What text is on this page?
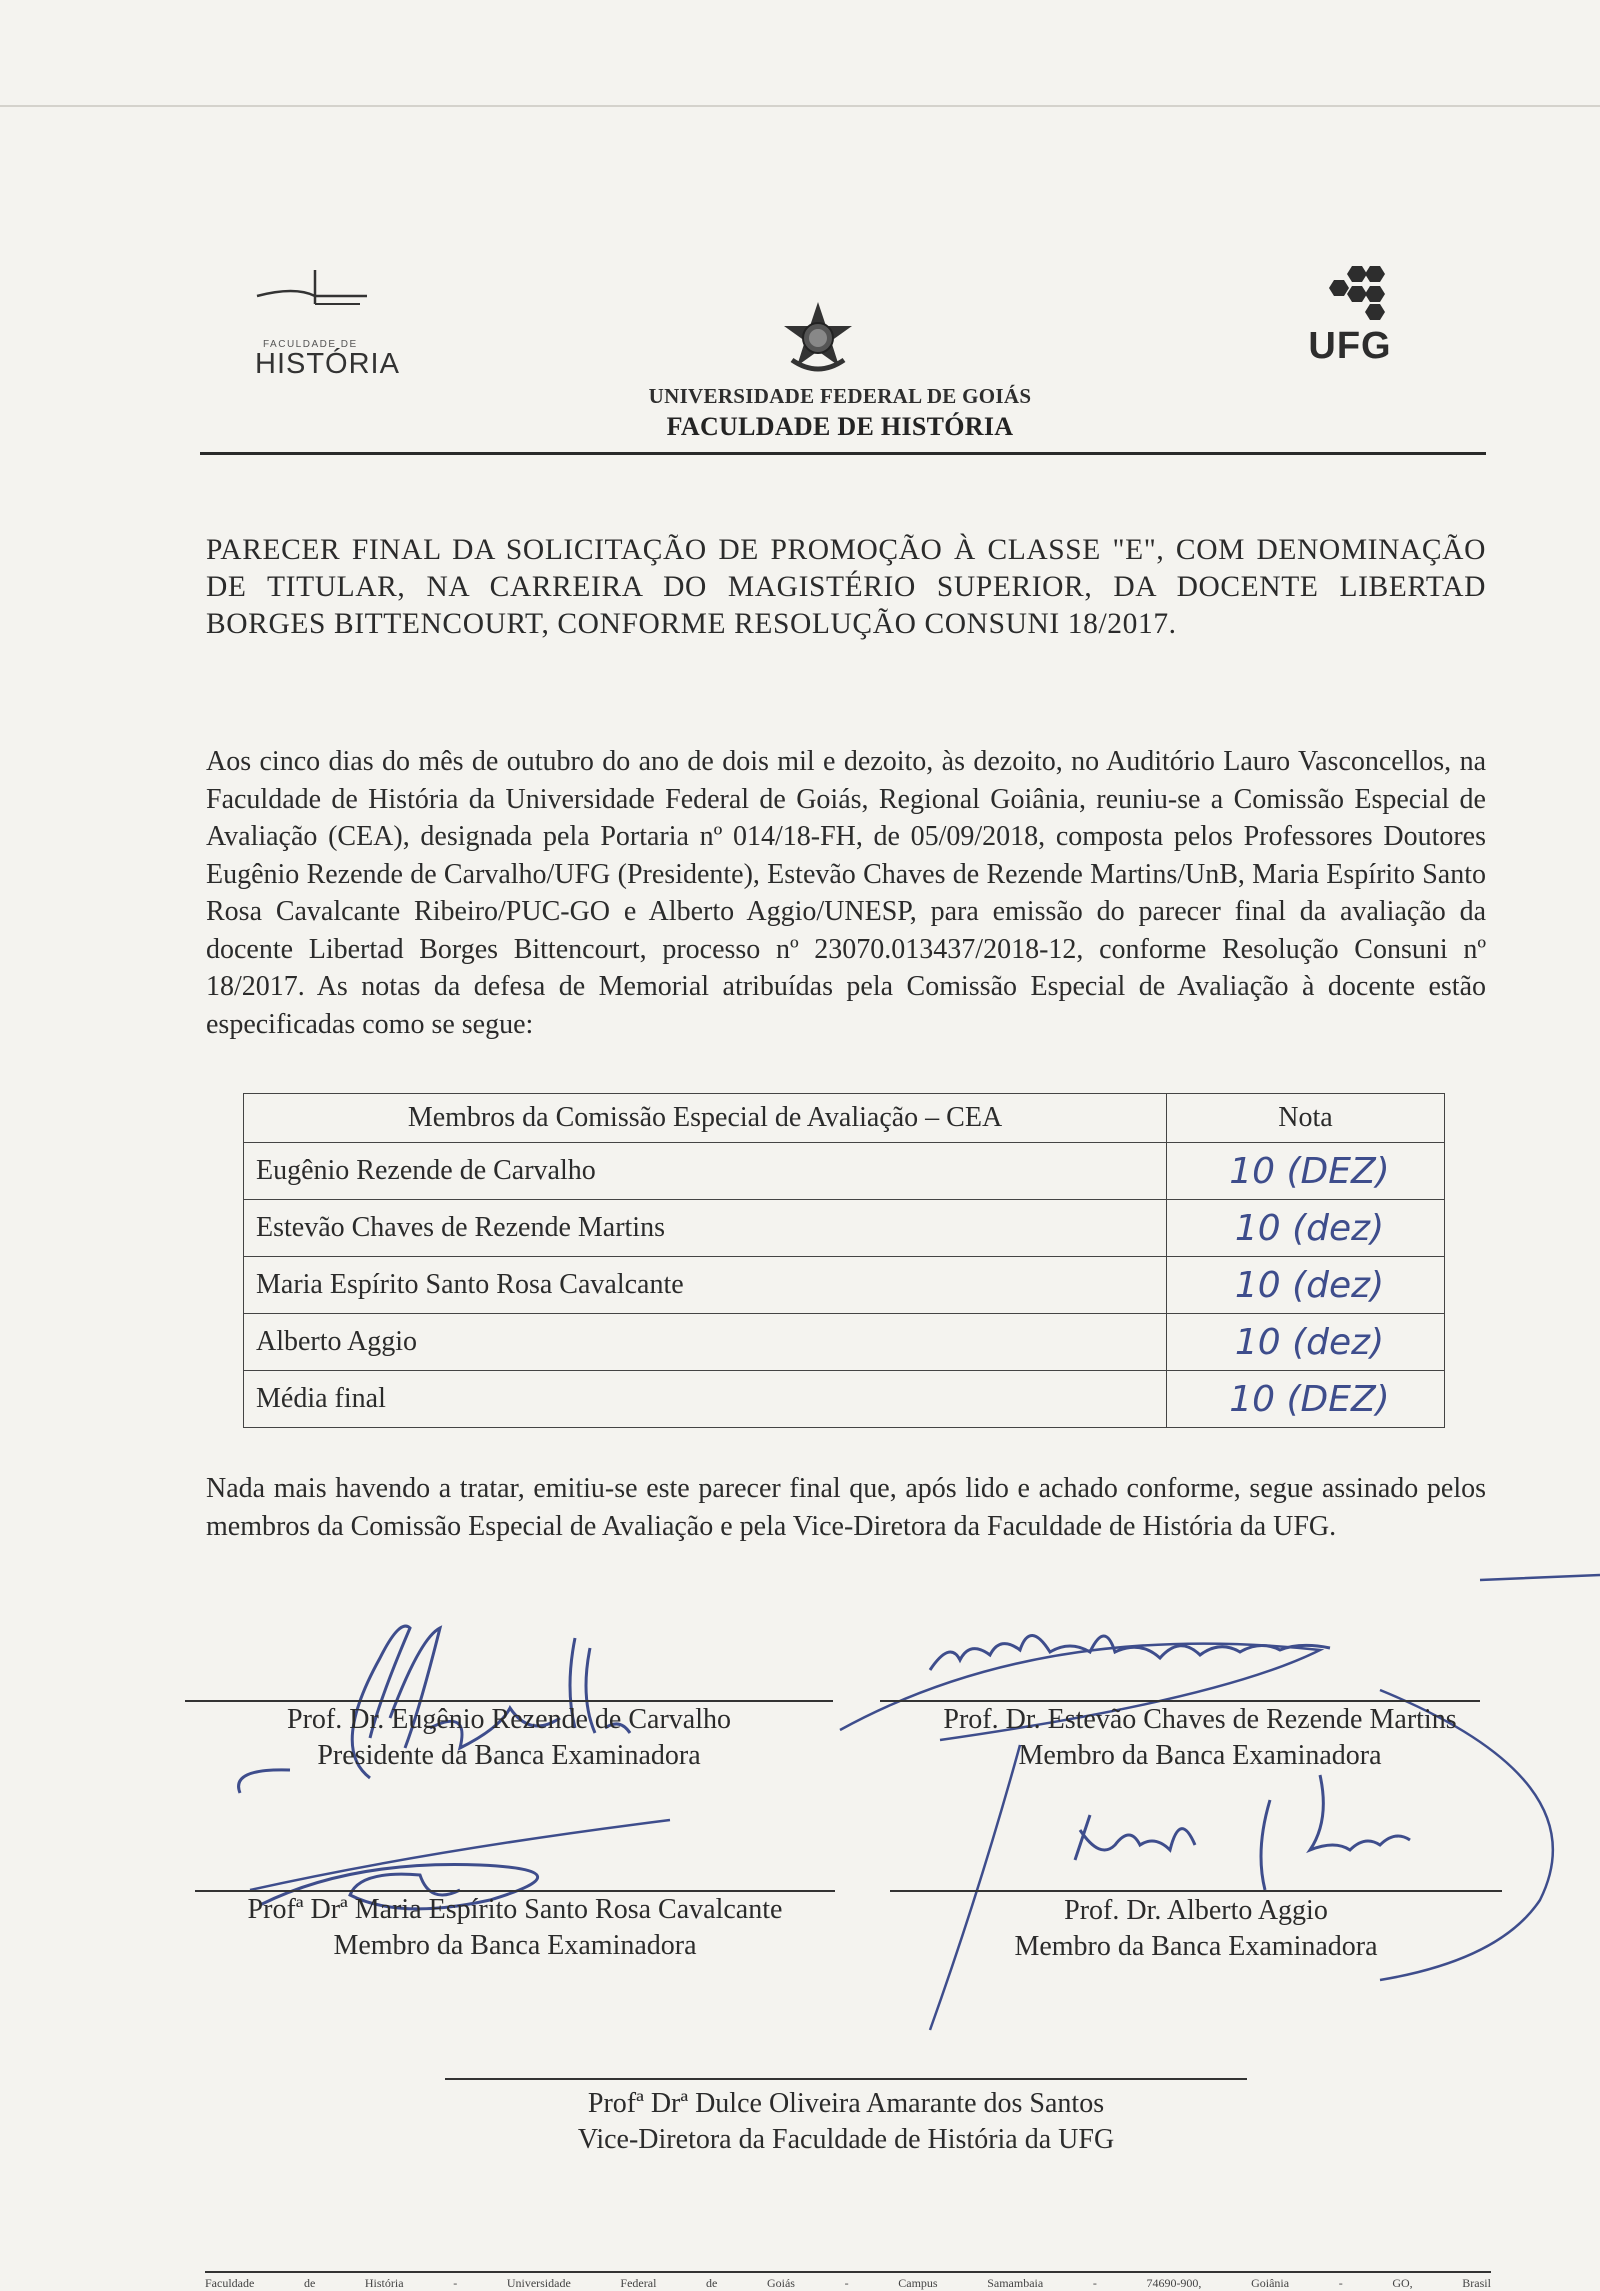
FACULDADE DE
HISTÓRIA	UFG
UNIVERSIDADE FEDERAL DE GOIÁS
FACULDADE DE HISTÓRIA
PARECER FINAL DA SOLICITAÇÃO DE PROMOÇÃO À CLASSE "E", COM DENOMINAÇÃO DE TITULAR, NA CARREIRA DO MAGISTÉRIO SUPERIOR, DA DOCENTE LIBERTAD BORGES BITTENCOURT, CONFORME RESOLUÇÃO CONSUNI 18/2017.
Aos cinco dias do mês de outubro do ano de dois mil e dezoito, às dezoito, no Auditório Lauro Vasconcellos, na Faculdade de História da Universidade Federal de Goiás, Regional Goiânia, reuniu-se a Comissão Especial de Avaliação (CEA), designada pela Portaria nº 014/18-FH, de 05/09/2018, composta pelos Professores Doutores Eugênio Rezende de Carvalho/UFG (Presidente), Estevão Chaves de Rezende Martins/UnB, Maria Espírito Santo Rosa Cavalcante Ribeiro/PUC-GO e Alberto Aggio/UNESP, para emissão do parecer final da avaliação da docente Libertad Borges Bittencourt, processo nº 23070.013437/2018-12, conforme Resolução Consuni nº 18/2017. As notas da defesa de Memorial atribuídas pela Comissão Especial de Avaliação à docente estão especificadas como se segue:
Membros da Comissão Especial de Avaliação – CEA	Nota
Eugênio Rezende de Carvalho	10 (DEZ)
Estevão Chaves de Rezende Martins	10 (dez)
Maria Espírito Santo Rosa Cavalcante	10 (dez)
Alberto Aggio	10 (dez)
Média final	10 (DEZ)
Nada mais havendo a tratar, emitiu-se este parecer final que, após lido e achado conforme, segue assinado pelos membros da Comissão Especial de Avaliação e pela Vice-Diretora da Faculdade de História da UFG.
Prof. Dr. Eugênio Rezende de Carvalho
Presidente da Banca Examinadora
Prof. Dr. Estevão Chaves de Rezende Martins
Membro da Banca Examinadora
Profª Drª Maria Espírito Santo Rosa Cavalcante
Membro da Banca Examinadora
Prof. Dr. Alberto Aggio
Membro da Banca Examinadora
Profª Drª Dulce Oliveira Amarante dos Santos
Vice-Diretora da Faculdade de História da UFG
Faculdade	de	História	-	Universidade	Federal	de	Goiás	-	Campus	Samambaia	-	74690-900,	Goiânia	-	GO,	Brasil
